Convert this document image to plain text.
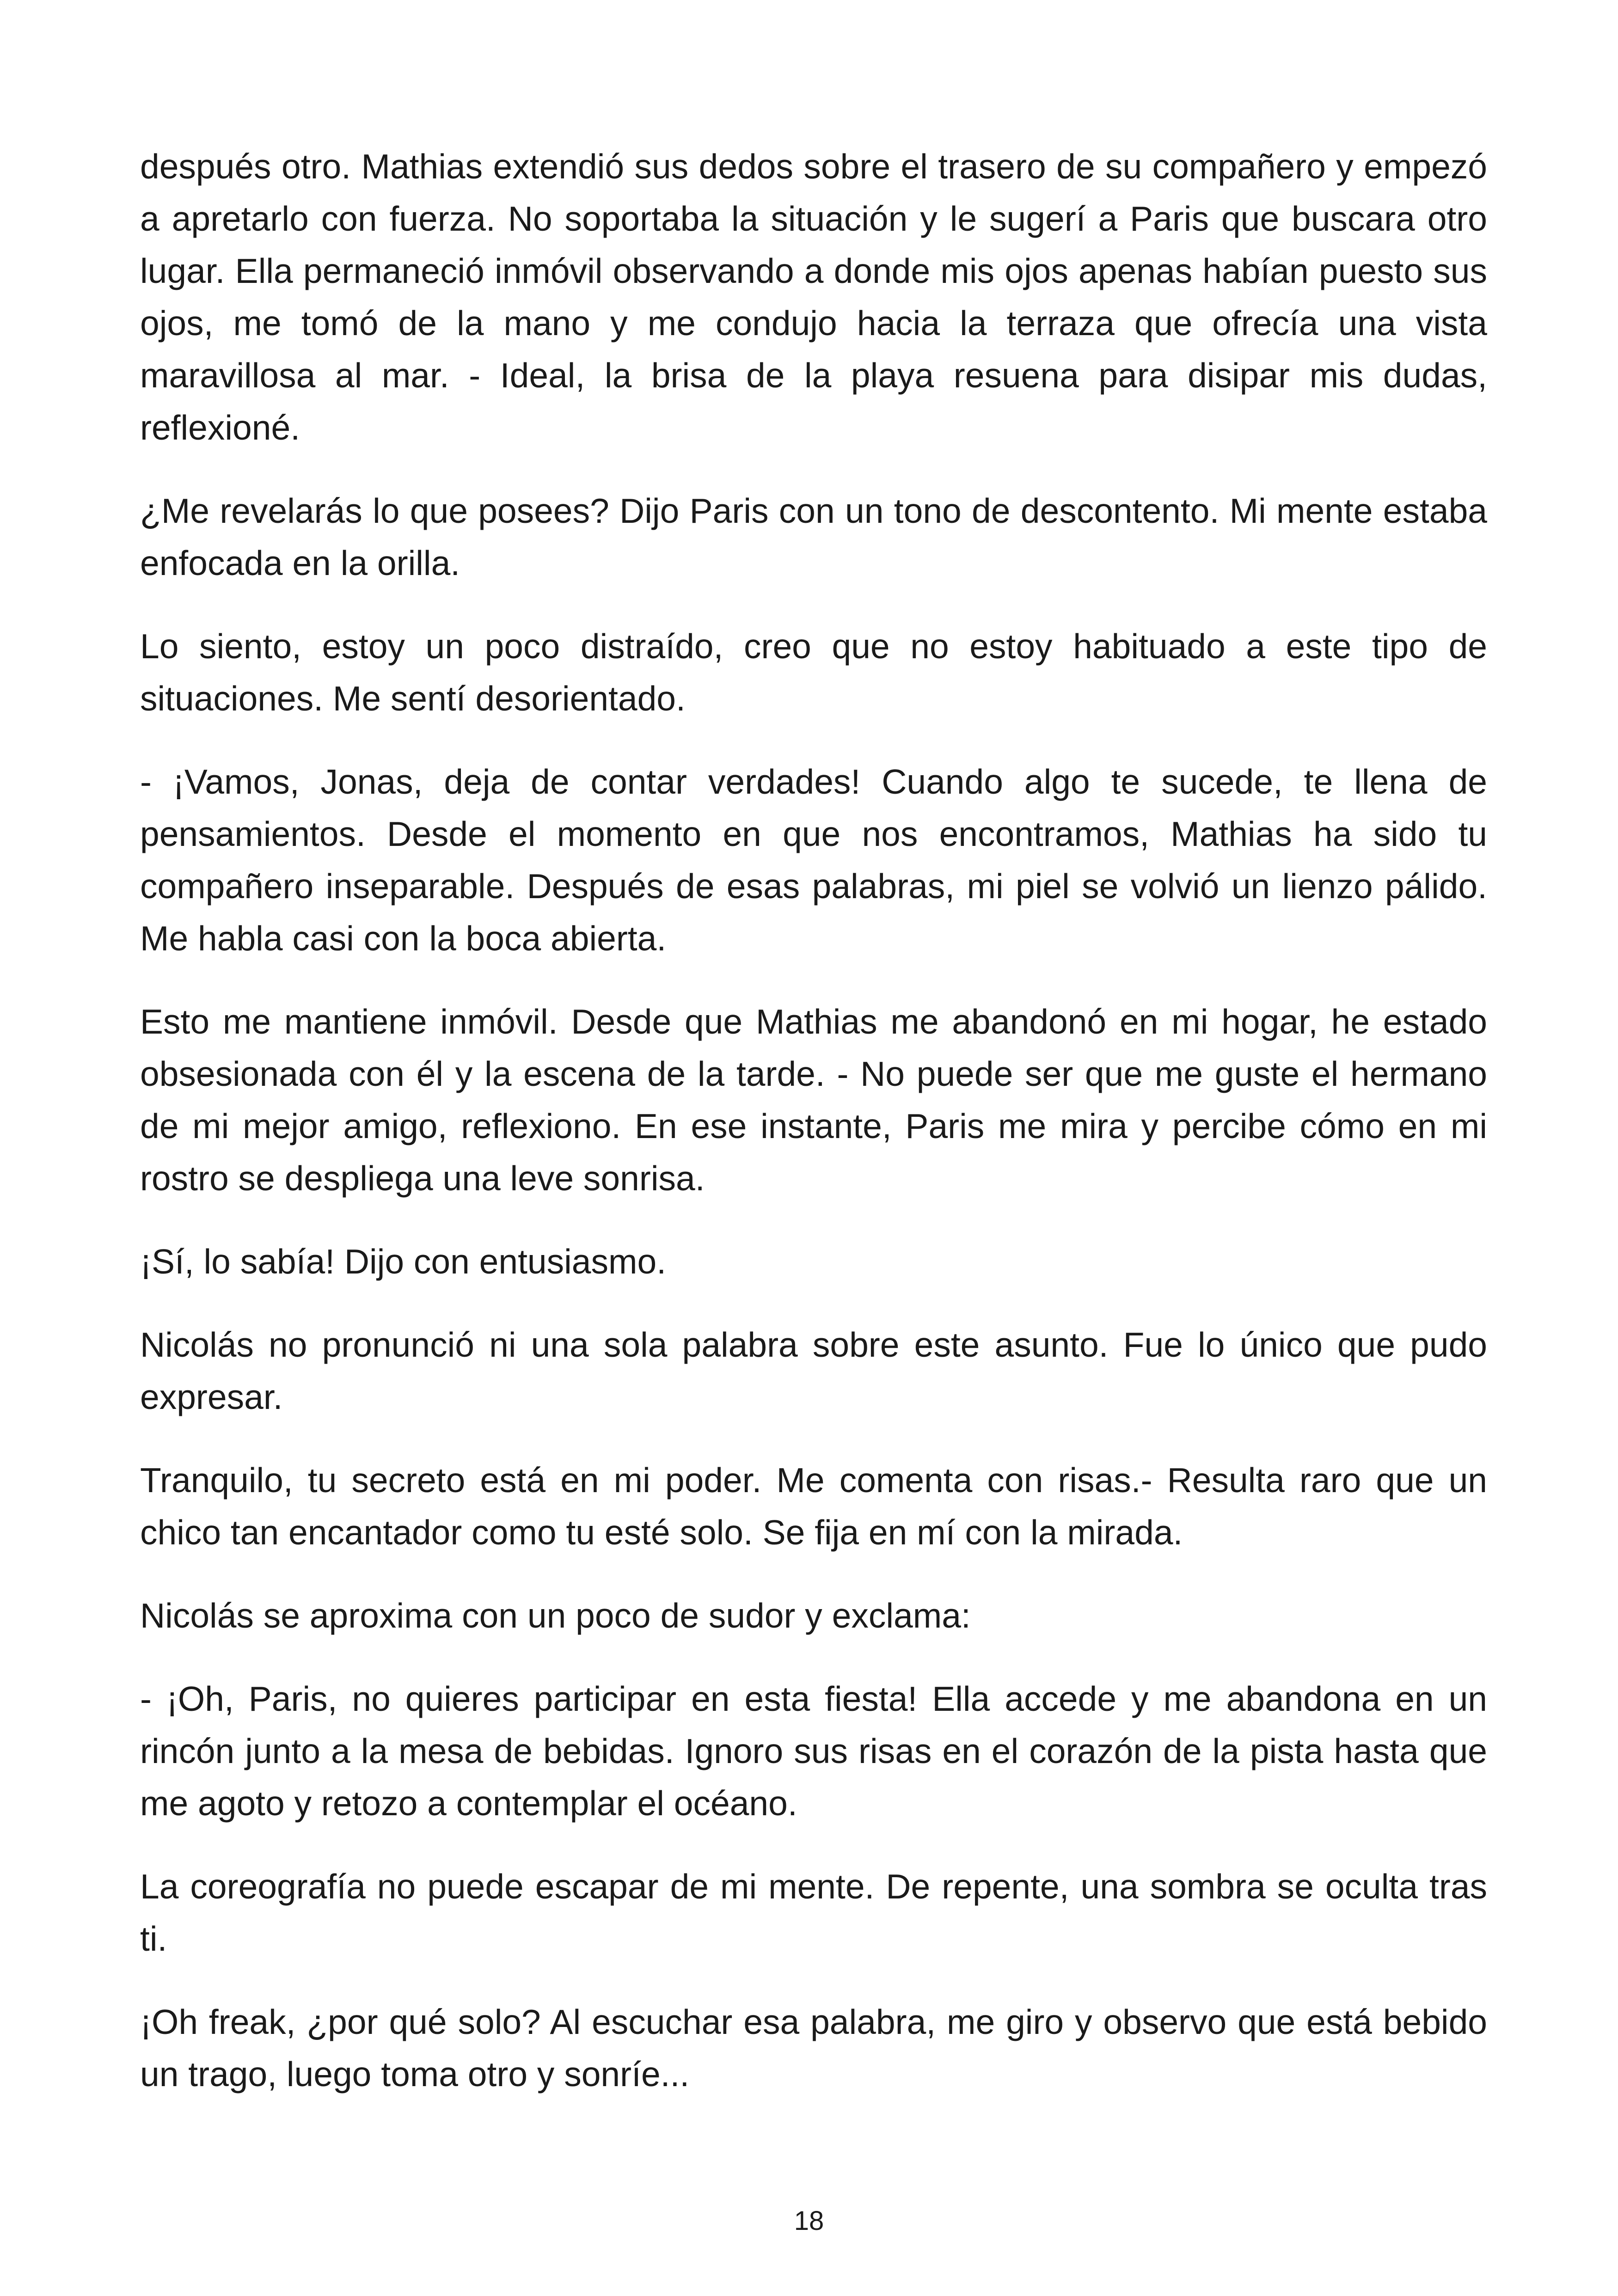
después otro. Mathias extendió sus dedos sobre el trasero de su compañero y empezó a apretarlo con fuerza. No soportaba la situación y le sugerí a Paris que buscara otro lugar. Ella permaneció inmóvil observando a donde mis ojos apenas habían puesto sus ojos, me tomó de la mano y me condujo hacia la terraza que ofrecía una vista maravillosa al mar. - Ideal, la brisa de la playa resuena para disipar mis dudas, reflexioné.

¿Me revelarás lo que posees? Dijo Paris con un tono de descontento. Mi mente estaba enfocada en la orilla.

Lo siento, estoy un poco distraído, creo que no estoy habituado a este tipo de situaciones. Me sentí desorientado.

- ¡Vamos, Jonas, deja de contar verdades! Cuando algo te sucede, te llena de pensamientos. Desde el momento en que nos encontramos, Mathias ha sido tu compañero inseparable. Después de esas palabras, mi piel se volvió un lienzo pálido. Me habla casi con la boca abierta.

Esto me mantiene inmóvil. Desde que Mathias me abandonó en mi hogar, he estado obsesionada con él y la escena de la tarde. - No puede ser que me guste el hermano de mi mejor amigo, reflexiono. En ese instante, Paris me mira y percibe cómo en mi rostro se despliega una leve sonrisa.

¡Sí, lo sabía! Dijo con entusiasmo.

Nicolás no pronunció ni una sola palabra sobre este asunto. Fue lo único que pudo expresar.

Tranquilo, tu secreto está en mi poder. Me comenta con risas.- Resulta raro que un chico tan encantador como tu esté solo. Se fija en mí con la mirada.

Nicolás se aproxima con un poco de sudor y exclama:

- ¡Oh, Paris, no quieres participar en esta fiesta! Ella accede y me abandona en un rincón junto a la mesa de bebidas. Ignoro sus risas en el corazón de la pista hasta que me agoto y retozo a contemplar el océano.

La coreografía no puede escapar de mi mente. De repente, una sombra se oculta tras ti.

¡Oh freak, ¿por qué solo? Al escuchar esa palabra, me giro y observo que está bebido un trago, luego toma otro y sonríe...

18
